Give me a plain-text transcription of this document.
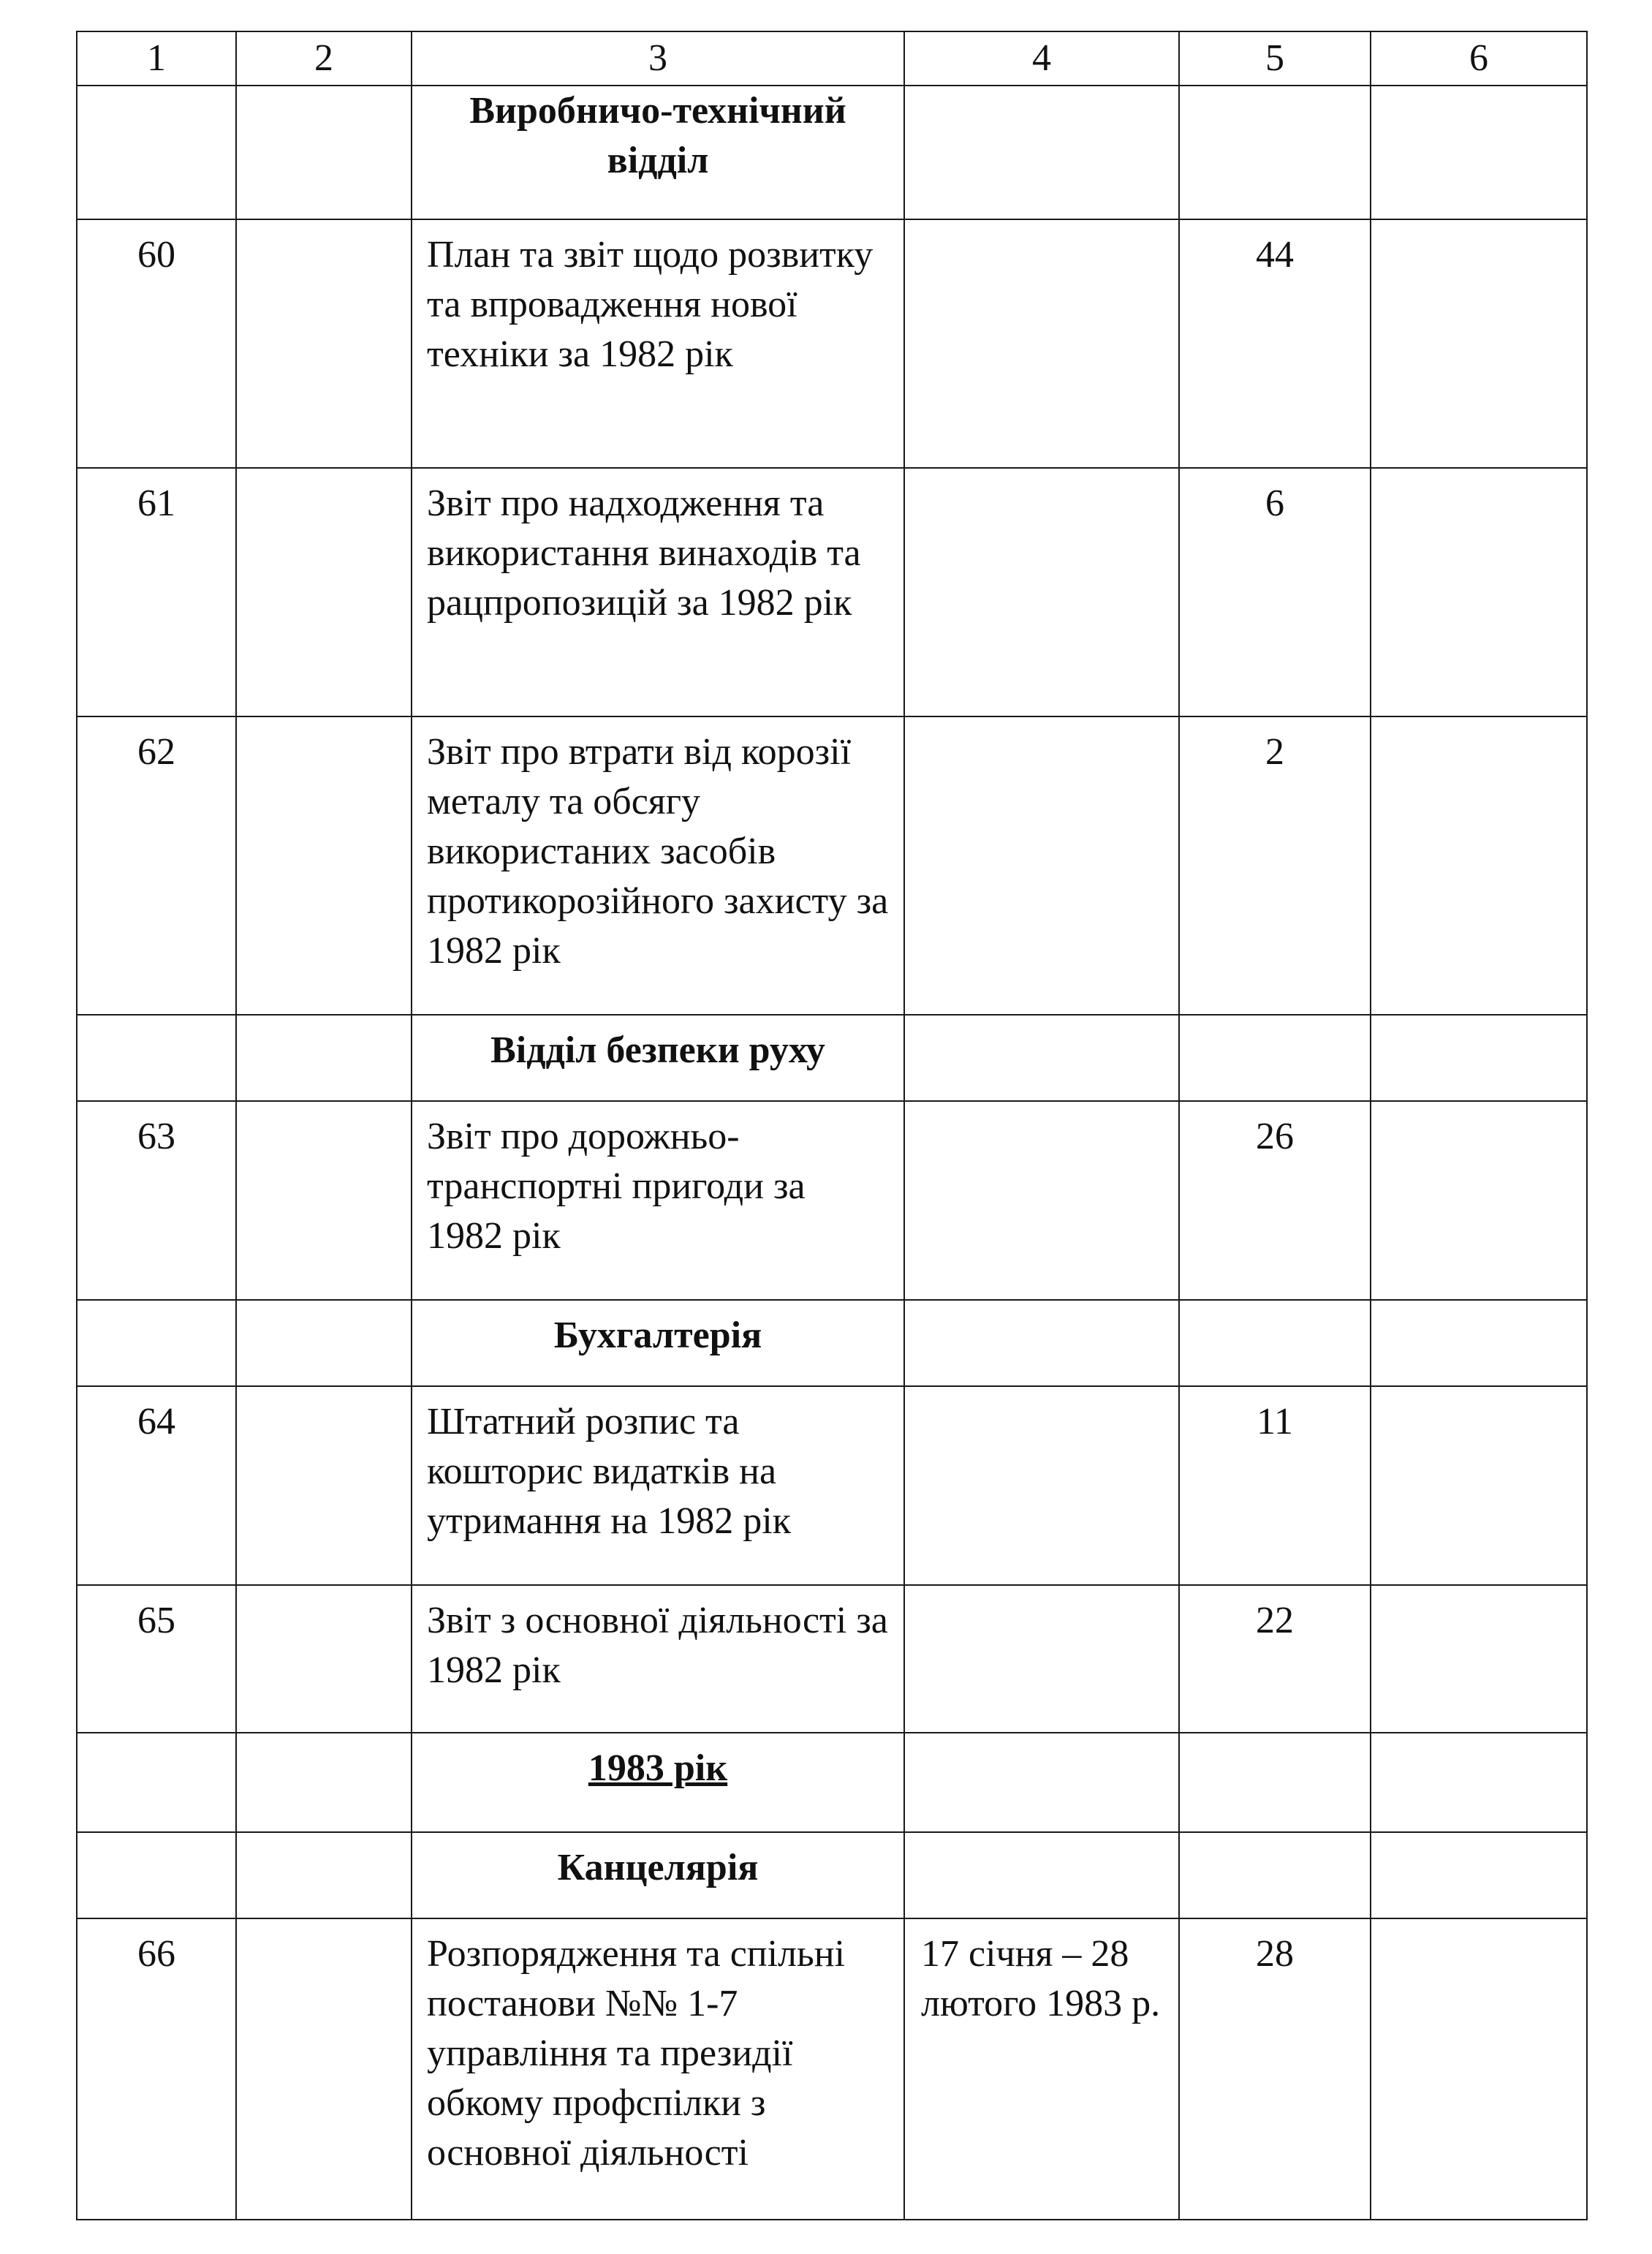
1	2	3	4	5	6
		Виробничо-технічний відділ			
60		План та звіт щодо розвитку та впровадження нової техніки за 1982 рік		44	
61		Звіт про надходження та використання винаходів та рацпропозицій за 1982 рік		6	
62		Звіт про втрати від корозії металу та обсягу використаних засобів протикорозійного захисту за 1982 рік		2	
		Відділ безпеки руху			
63		Звіт про дорожньо-транспортні пригоди за 1982 рік		26	
		Бухгалтерія			
64		Штатний розпис та кошторис видатків на утримання на 1982 рік		11	
65		Звіт з основної діяльності за 1982 рік		22	
		1983 рік			
		Канцелярія			
66		Розпорядження та спільні постанови №№ 1-7 управління та президії обкому профспілки з основної діяльності	17 січня – 28 лютого 1983 р.	28	
